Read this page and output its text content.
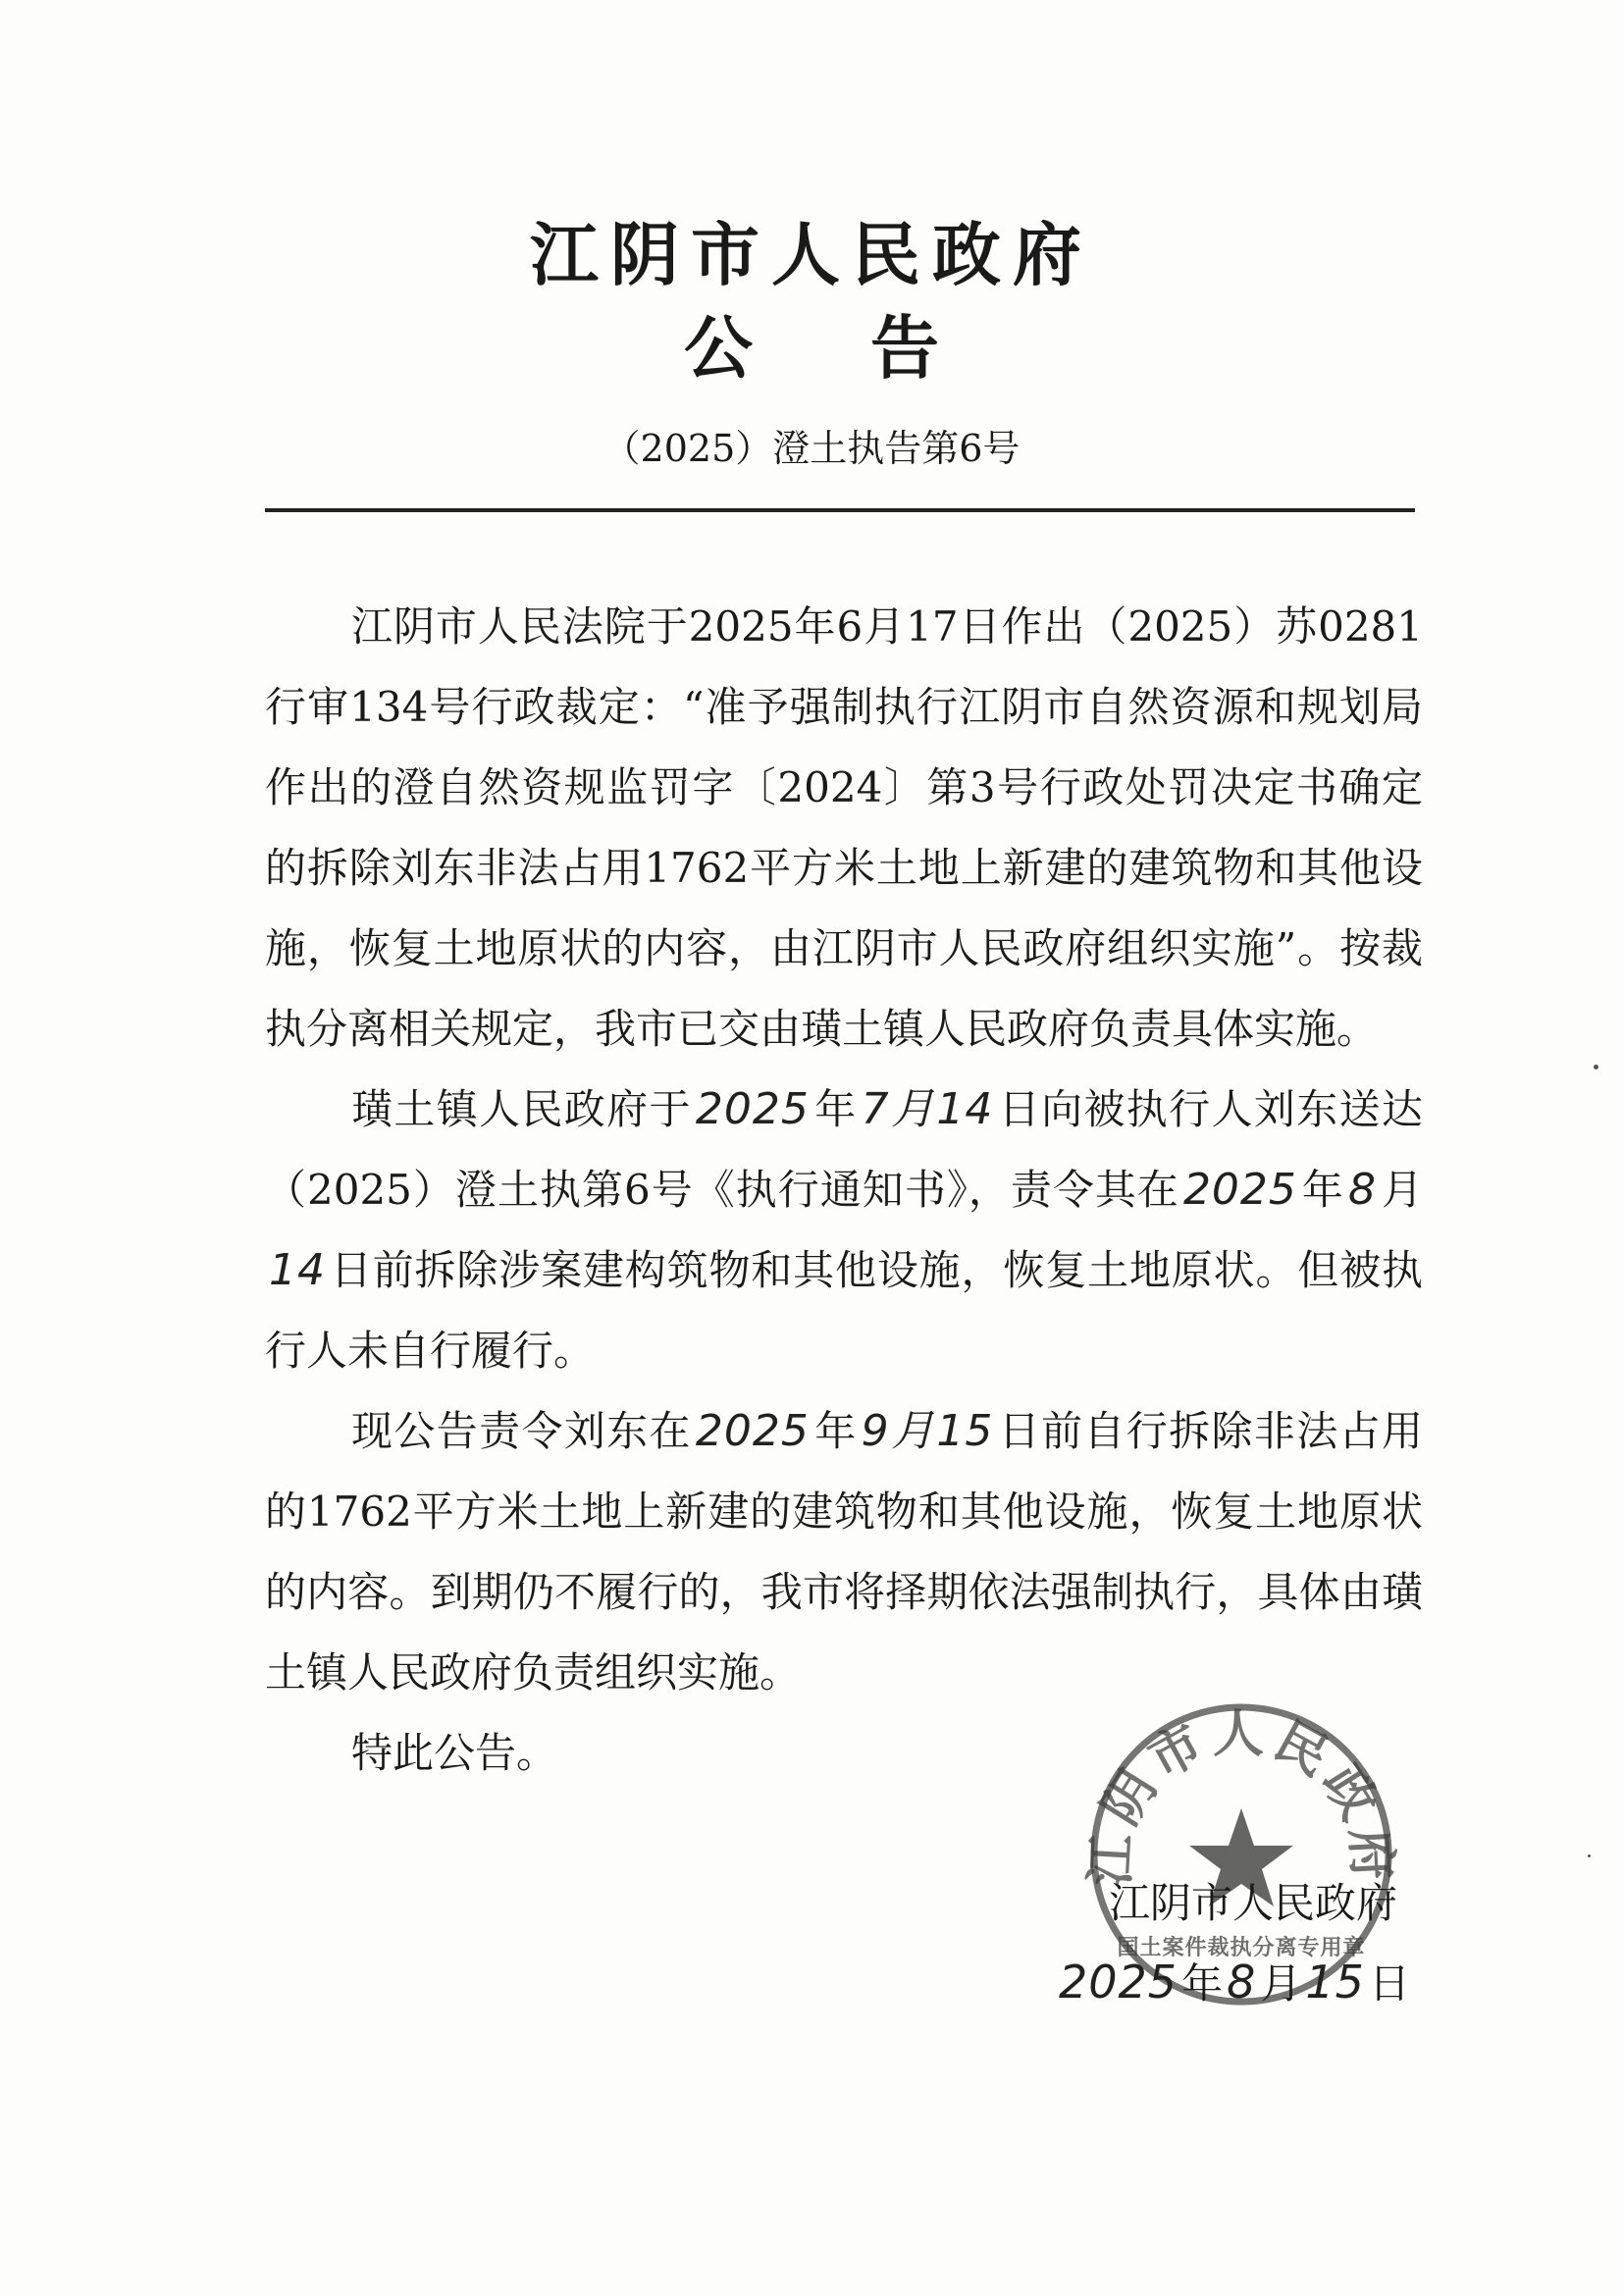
江阴市人民政府
公告
（2025）澄土执告第6号

江阴市人民法院于2025年6月17日作出（2025）苏0281行审134号行政裁定：“准予强制执行江阴市自然资源和规划局作出的澄自然资规监罚字〔2024〕第3号行政处罚决定书确定的拆除刘东非法占用1762平方米土地上新建的建筑物和其他设施，恢复土地原状的内容，由江阴市人民政府组织实施”。按裁执分离相关规定，我市已交由璜土镇人民政府负责具体实施。

璜土镇人民政府于2025年7月14日向被执行人刘东送达（2025）澄土执第6号《执行通知书》，责令其在2025年8月14日前拆除涉案建构筑物和其他设施，恢复土地原状。但被执行人未自行履行。

现公告责令刘东在2025年9月15日前自行拆除非法占用的1762平方米土地上新建的建筑物和其他设施，恢复土地原状的内容。到期仍不履行的，我市将择期依法强制执行，具体由璜土镇人民政府负责组织实施。

特此公告。

江阴市人民政府
国土案件裁执分离专用章
江阴市人民政府
2025年8月15日
